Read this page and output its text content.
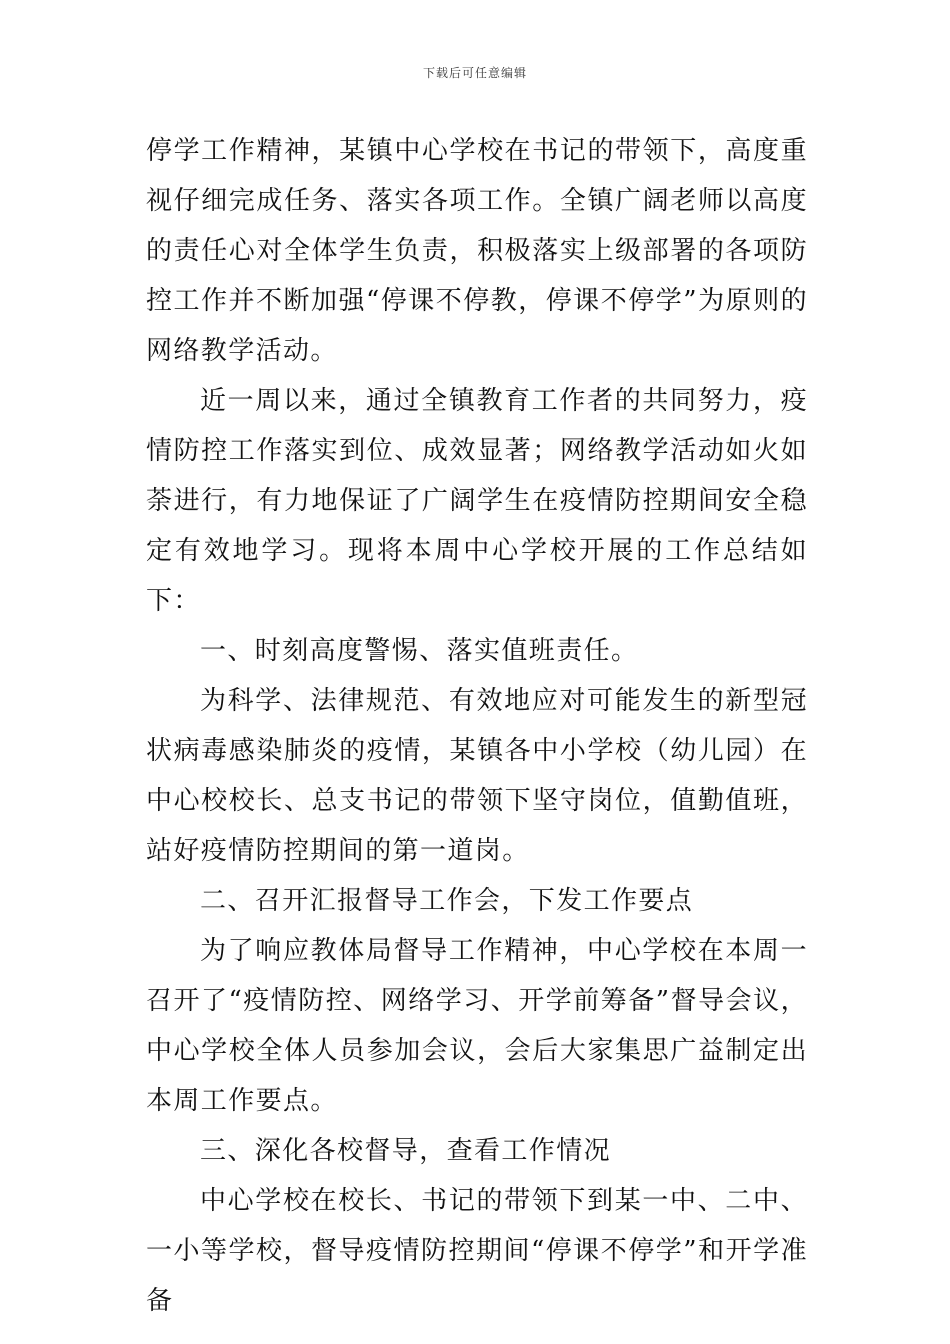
下载后可任意编辑

停学工作精神，某镇中心学校在书记的带领下，高度重视仔细完成任务、落实各项工作。全镇广阔老师以高度的责任心对全体学生负责，积极落实上级部署的各项防控工作并不断加强“停课不停教，停课不停学”为原则的网络教学活动。

近一周以来，通过全镇教育工作者的共同努力，疫情防控工作落实到位、成效显著；网络教学活动如火如荼进行，有力地保证了广阔学生在疫情防控期间安全稳定有效地学习。现将本周中心学校开展的工作总结如下：

一、时刻高度警惕、落实值班责任。

为科学、法律规范、有效地应对可能发生的新型冠状病毒感染肺炎的疫情，某镇各中小学校（幼儿园）在中心校校长、总支书记的带领下坚守岗位，值勤值班，站好疫情防控期间的第一道岗。

二、召开汇报督导工作会，下发工作要点

为了响应教体局督导工作精神，中心学校在本周一召开了“疫情防控、网络学习、开学前筹备”督导会议，中心学校全体人员参加会议，会后大家集思广益制定出本周工作要点。

三、深化各校督导，查看工作情况

中心学校在校长、书记的带领下到某一中、二中、一小等学校，督导疫情防控期间“停课不停学”和开学准备
